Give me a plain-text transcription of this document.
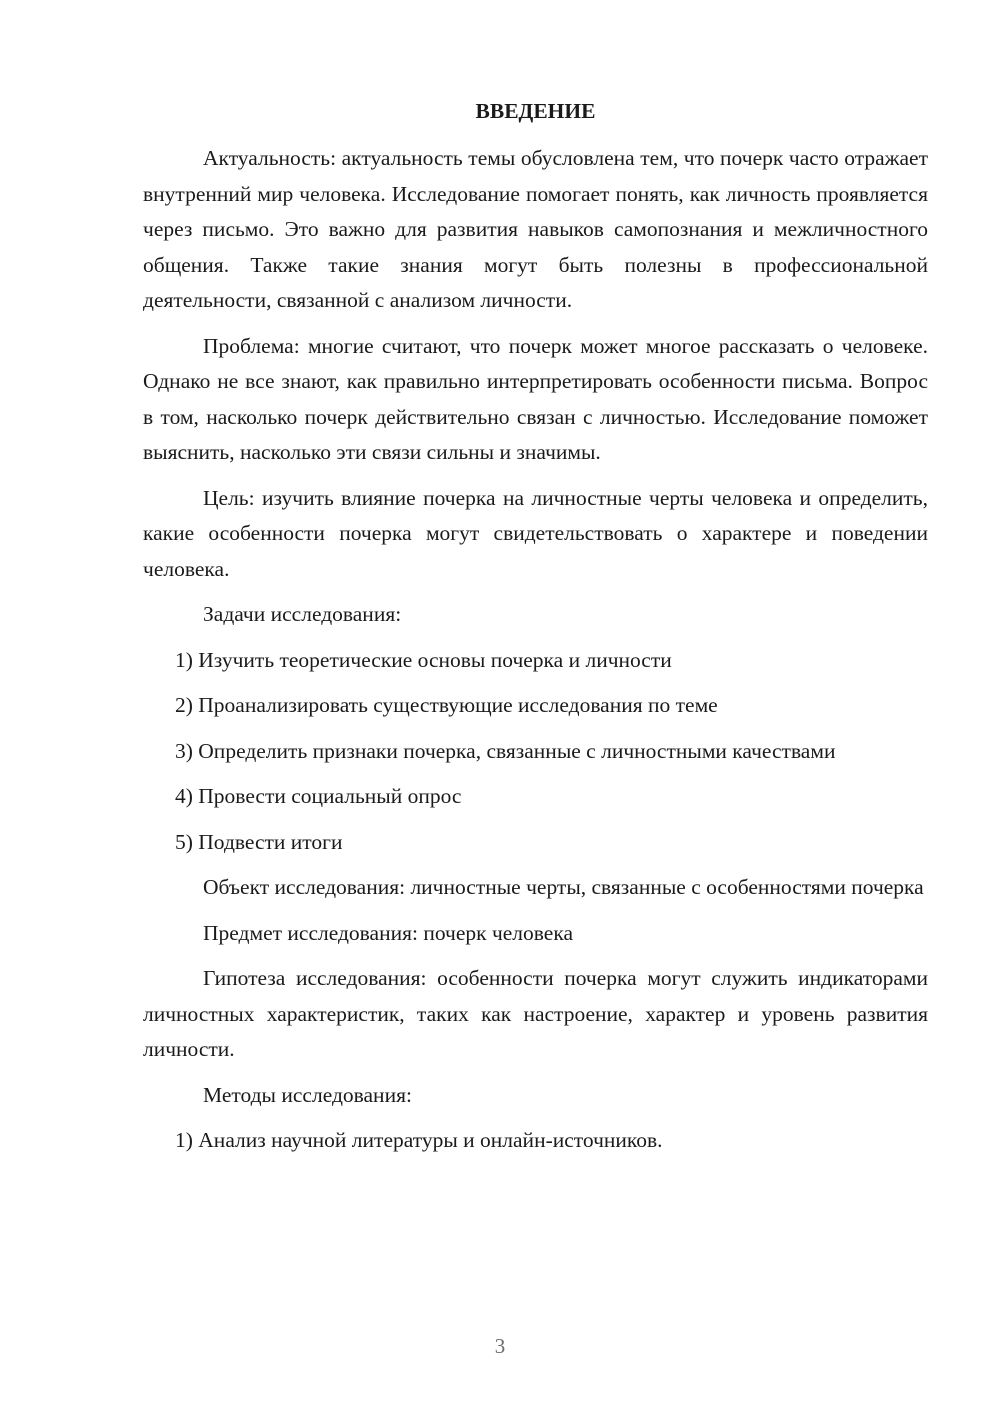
ВВЕДЕНИЕ

Актуальность: актуальность темы обусловлена тем, что почерк часто отражает внутренний мир человека. Исследование помогает понять, как личность проявляется через письмо. Это важно для развития навыков самопознания и межличностного общения. Также такие знания могут быть полезны в профессиональной деятельности, связанной с анализом личности.

Проблема: многие считают, что почерк может многое рассказать о человеке. Однако не все знают, как правильно интерпретировать особенности письма. Вопрос в том, насколько почерк действительно связан с личностью. Исследование поможет выяснить, насколько эти связи сильны и значимы.

Цель: изучить влияние почерка на личностные черты человека и определить, какие особенности почерка могут свидетельствовать о характере и поведении человека.

Задачи исследования:

1) Изучить теоретические основы почерка и личности

2) Проанализировать существующие исследования по теме

3) Определить признаки почерка, связанные с личностными качествами

4) Провести социальный опрос

5) Подвести итоги

Объект исследования: личностные черты, связанные с особенностями почерка

Предмет исследования: почерк человека

Гипотеза исследования: особенности почерка могут служить индикаторами личностных характеристик, таких как настроение, характер и уровень развития личности.

Методы исследования:

1) Анализ научной литературы и онлайн-источников.

3
